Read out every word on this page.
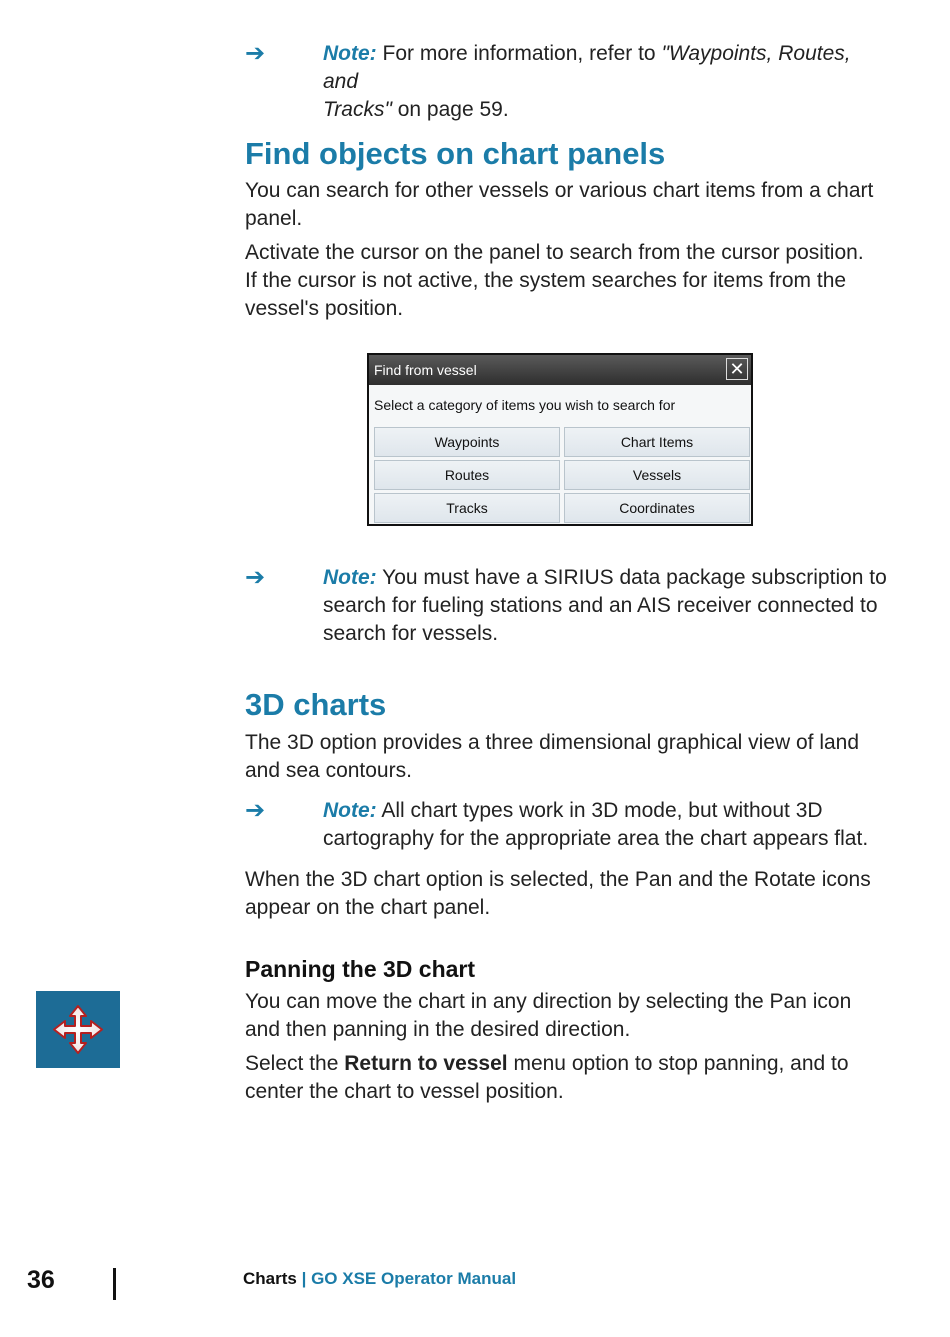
➔	Note: For more information, refer to "Waypoints, Routes, and

Tracks" on page 59.

Find objects on chart panels

You can search for other vessels or various chart items from a chart

panel.

Activate the cursor on the panel to search from the cursor position.

If the cursor is not active, the system searches for items from the

vessel's position.

Find from vessel	✕
Select a category of items you wish to search for
Waypoints	Chart Items
Routes	Vessels
Tracks	Coordinates
➔	Note: You must have a SIRIUS data package subscription to

search for fueling stations and an AIS receiver connected to

search for vessels.

3D charts

The 3D option provides a three dimensional graphical view of land

and sea contours.

➔	Note: All chart types work in 3D mode, but without 3D

cartography for the appropriate area the chart appears flat.

When the 3D chart option is selected, the Pan and the Rotate icons

appear on the chart panel.

Panning the 3D chart

You can move the chart in any direction by selecting the Pan icon

and then panning in the desired direction.

Select the Return to vessel menu option to stop panning, and to

center the chart to vessel position.

36	Charts | GO XSE Operator Manual
